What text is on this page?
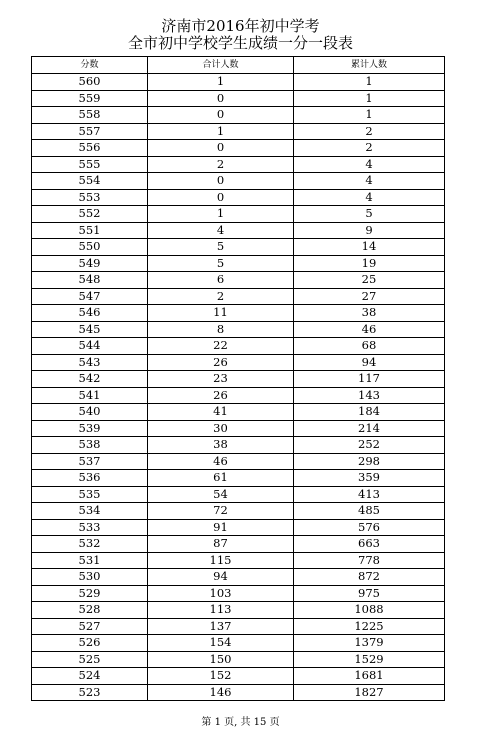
济南市2016年初中学考
全市初中学校学生成绩一分一段表
分数	合计人数	累计人数
560	1	1
559	0	1
558	0	1
557	1	2
556	0	2
555	2	4
554	0	4
553	0	4
552	1	5
551	4	9
550	5	14
549	5	19
548	6	25
547	2	27
546	11	38
545	8	46
544	22	68
543	26	94
542	23	117
541	26	143
540	41	184
539	30	214
538	38	252
537	46	298
536	61	359
535	54	413
534	72	485
533	91	576
532	87	663
531	115	778
530	94	872
529	103	975
528	113	1088
527	137	1225
526	154	1379
525	150	1529
524	152	1681
523	146	1827
第 1 页, 共 15 页
